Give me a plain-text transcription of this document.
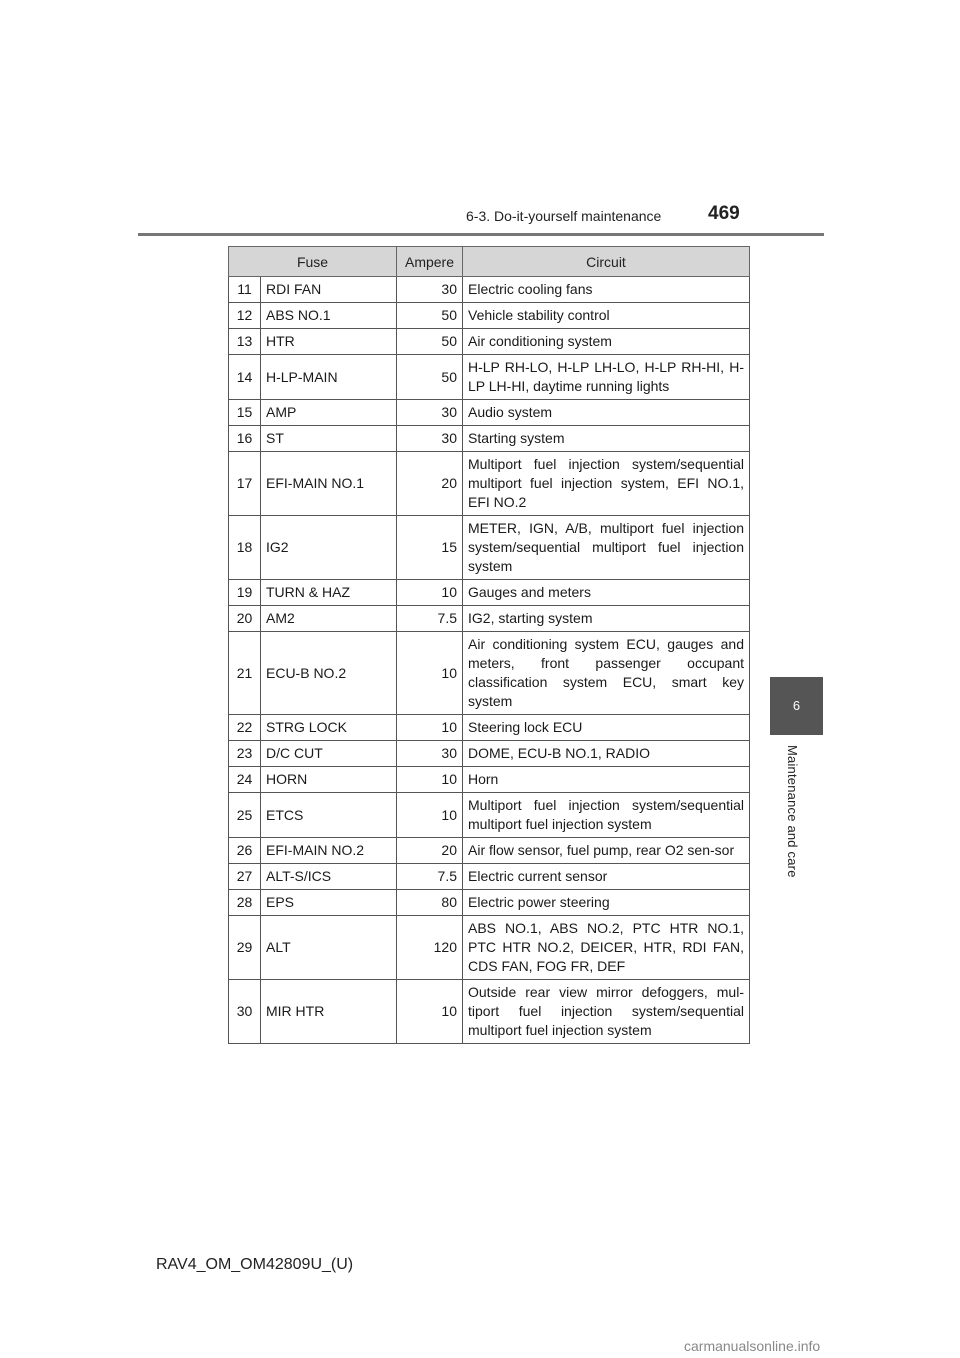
6-3. Do-it-yourself maintenance 469
6
Maintenance and care
Fuse		Ampere	Circuit
11	RDI FAN	30	Electric cooling fans
12	ABS NO.1	50	Vehicle stability control
13	HTR	50	Air conditioning system
14	H-LP-MAIN	50	H-LP RH-LO, H-LP LH-LO, H-LP RH-HI, H-LP LH-HI, daytime running lights
15	AMP	30	Audio system
16	ST	30	Starting system
17	EFI-MAIN NO.1	20	Multiport fuel injection system/sequential multiport fuel injection system, EFI NO.1, EFI NO.2
18	IG2	15	METER, IGN, A/B, multiport fuel injection system/sequential multiport fuel injection system
19	TURN & HAZ	10	Gauges and meters
20	AM2	7.5	IG2, starting system
21	ECU-B NO.2	10	Air conditioning system ECU, gauges and meters, front passenger occupant classification system ECU, smart key system
22	STRG LOCK	10	Steering lock ECU
23	D/C CUT	30	DOME, ECU-B NO.1, RADIO
24	HORN	10	Horn
25	ETCS	10	Multiport fuel injection system/sequential multiport fuel injection system
26	EFI-MAIN NO.2	20	Air flow sensor, fuel pump, rear O2 sen-sor
27	ALT-S/ICS	7.5	Electric current sensor
28	EPS	80	Electric power steering
29	ALT	120	ABS NO.1, ABS NO.2, PTC HTR NO.1, PTC HTR NO.2, DEICER, HTR, RDI FAN, CDS FAN, FOG FR, DEF
30	MIR HTR	10	Outside rear view mirror defoggers, mul-tiport fuel injection system/sequential multiport fuel injection system
RAV4_OM_OM42809U_(U)
carmanualsonline.info
